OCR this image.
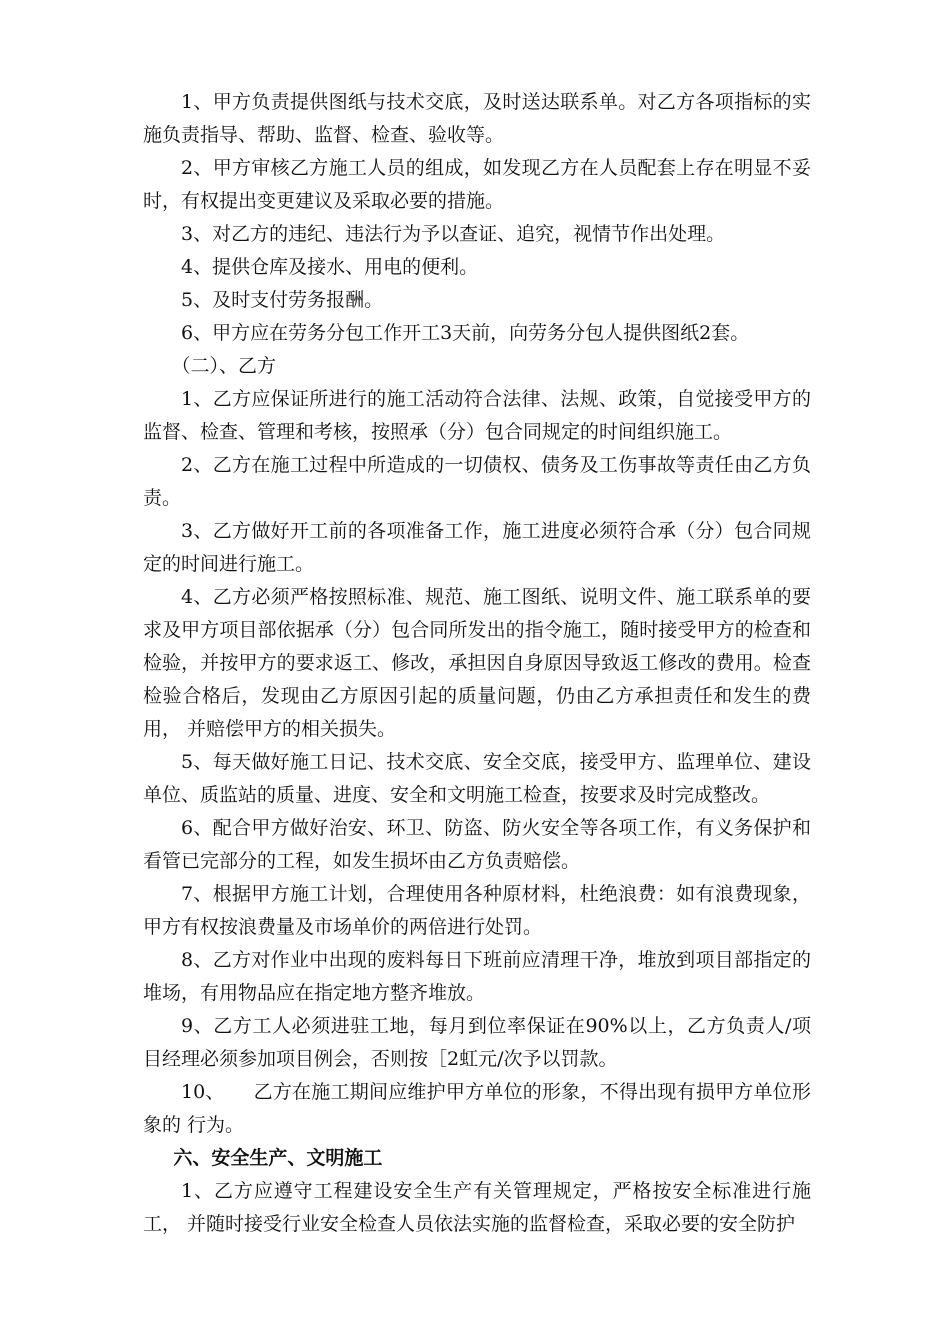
1、甲方负责提供图纸与技术交底，及时送达联系单。对乙方各项指标的实施负责指导、帮助、监督、检查、验收等。

2、甲方审核乙方施工人员的组成，如发现乙方在人员配套上存在明显不妥时，有权提出变更建议及采取必要的措施。

3、对乙方的违纪、违法行为予以查证、追究，视情节作出处理。

4、提供仓库及接水、用电的便利。

5、及时支付劳务报酬。

6、甲方应在劳务分包工作开工3天前，向劳务分包人提供图纸2套。

（二）、乙方

1、乙方应保证所进行的施工活动符合法律、法规、政策，自觉接受甲方的监督、检查、管理和考核，按照承（分）包合同规定的时间组织施工。

2、乙方在施工过程中所造成的一切债权、债务及工伤事故等责任由乙方负责。

3、乙方做好开工前的各项准备工作，施工进度必须符合承（分）包合同规定的时间进行施工。

4、乙方必须严格按照标准、规范、施工图纸、说明文件、施工联系单的要求及甲方项目部依据承（分）包合同所发出的指令施工，随时接受甲方的检查和 检验，并按甲方的要求返工、修改，承担因自身原因导致返工修改的费用。检查 检验合格后，发现由乙方原因引起的质量问题，仍由乙方承担责任和发生的费用， 并赔偿甲方的相关损失。

5、每天做好施工日记、技术交底、安全交底，接受甲方、监理单位、建设单位、质监站的质量、进度、安全和文明施工检查，按要求及时完成整改。

6、配合甲方做好治安、环卫、防盗、防火安全等各项工作，有义务保护和看管已完部分的工程，如发生损坏由乙方负责赔偿。

7、根据甲方施工计划，合理使用各种原材料，杜绝浪费：如有浪费现象，甲方有权按浪费量及市场单价的两倍进行处罚。

8、乙方对作业中出现的废料每日下班前应清理干净，堆放到项目部指定的堆场，有用物品应在指定地方整齐堆放。

9、乙方工人必须进驻工地，每月到位率保证在90%以上，乙方负责人/项目经理必须参加项目例会，否则按［2虹元/次予以罚款。

10、　　乙方在施工期间应维护甲方单位的形象，不得出现有损甲方单位形象的 行为。

六、安全生产、文明施工

1、乙方应遵守工程建设安全生产有关管理规定，严格按安全标准进行施工， 并随时接受行业安全检查人员依法实施的监督检查，采取必要的安全防护
